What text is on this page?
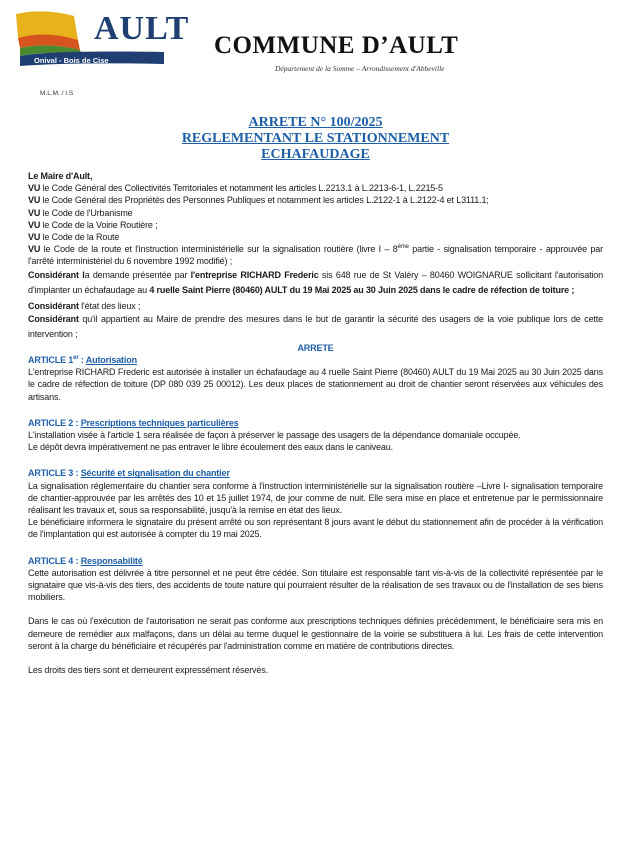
AULT
Onival - Bois de Cise
M.L.M. / I.S
COMMUNE D’AULT
Département de la Somme – Arrondissement d'Abbeville
ARRETE N° 100/2025
REGLEMENTANT LE STATIONNEMENT
ECHAFAUDAGE

Le Maire d'Ault,

VU le Code Général des Collectivités Territoriales et notamment les articles L.2213.1 à L.2213-6-1, L.2215-5

VU le Code Général des Propriétés des Personnes Publiques et notamment les articles L.2122-1 à L.2122-4 et L3111.1;

VU le Code de l'Urbanisme

VU le Code de la Voirie Routière ;

VU le Code de la Route

VU le Code de la route et l'instruction interministérielle sur la signalisation routière (livre I – 8ème partie - signalisation temporaire - approuvée par l'arrêté interministériel du 6 novembre 1992 modifié) ;

Considérant la demande présentée par l'entreprise RICHARD Frederic sis 648 rue de St Valéry – 80460 WOIGNARUE sollicitant l'autorisation d'implanter un échafaudage au 4 ruelle Saint Pierre (80460) AULT du 19 Mai 2025 au 30 Juin 2025 dans le cadre de réfection de toiture ;

Considérant l'état des lieux ;

Considérant qu'il appartient au Maire de prendre des mesures dans le but de garantir la sécurité des usagers de la voie publique lors de cette intervention ;

ARRETE

ARTICLE 1er : Autorisation

L'entreprise RICHARD Frederic est autorisée à installer un échafaudage au 4 ruelle Saint Pierre (80460) AULT du 19 Mai 2025 au 30 Juin 2025 dans le cadre de réfection de toiture (DP 080 039 25 00012). Les deux places de stationnement au droit de chantier seront réservées aux véhicules des artisans.

ARTICLE 2 : Prescriptions techniques particulières

L'installation visée à l'article 1 sera réalisée de façon à préserver le passage des usagers de la dépendance domaniale occupée.

Le dépôt devra impérativement ne pas entraver le libre écoulement des eaux dans le caniveau.

ARTICLE 3 : Sécurité et signalisation du chantier

La signalisation réglementaire du chantier sera conforme à l'instruction interministérielle sur la signalisation routière –Livre I- signalisation temporaire de chantier-approuvée par les arrêtés des 10 et 15 juillet 1974, de jour comme de nuit. Elle sera mise en place et entretenue par le permissionnaire réalisant les travaux et, sous sa responsabilité, jusqu'à la remise en état des lieux.

Le bénéficiaire informera le signataire du présent arrêté ou son représentant 8 jours avant le début du stationnement afin de procéder à la vérification de l'implantation qui est autorisée à compter du 19 mai 2025.

ARTICLE 4 : Responsabilité

Cette autorisation est délivrée à titre personnel et ne peut être cédée. Son titulaire est responsable tant vis-à-vis de la collectivité représentée par le signataire que vis-à-vis des tiers, des accidents de toute nature qui pourraient résulter de la réalisation de ses travaux ou de l'installation de ses biens mobiliers.

Dans le cas où l'exécution de l'autorisation ne serait pas conforme aux prescriptions techniques définies précédemment, le bénéficiaire sera mis en demeure de remédier aux malfaçons, dans un délai au terme duquel le gestionnaire de la voirie se substituera à lui. Les frais de cette intervention seront à la charge du bénéficiaire et récupérés par l'administration comme en matière de contributions directes.

Les droits des tiers sont et demeurent expressément réservés.
